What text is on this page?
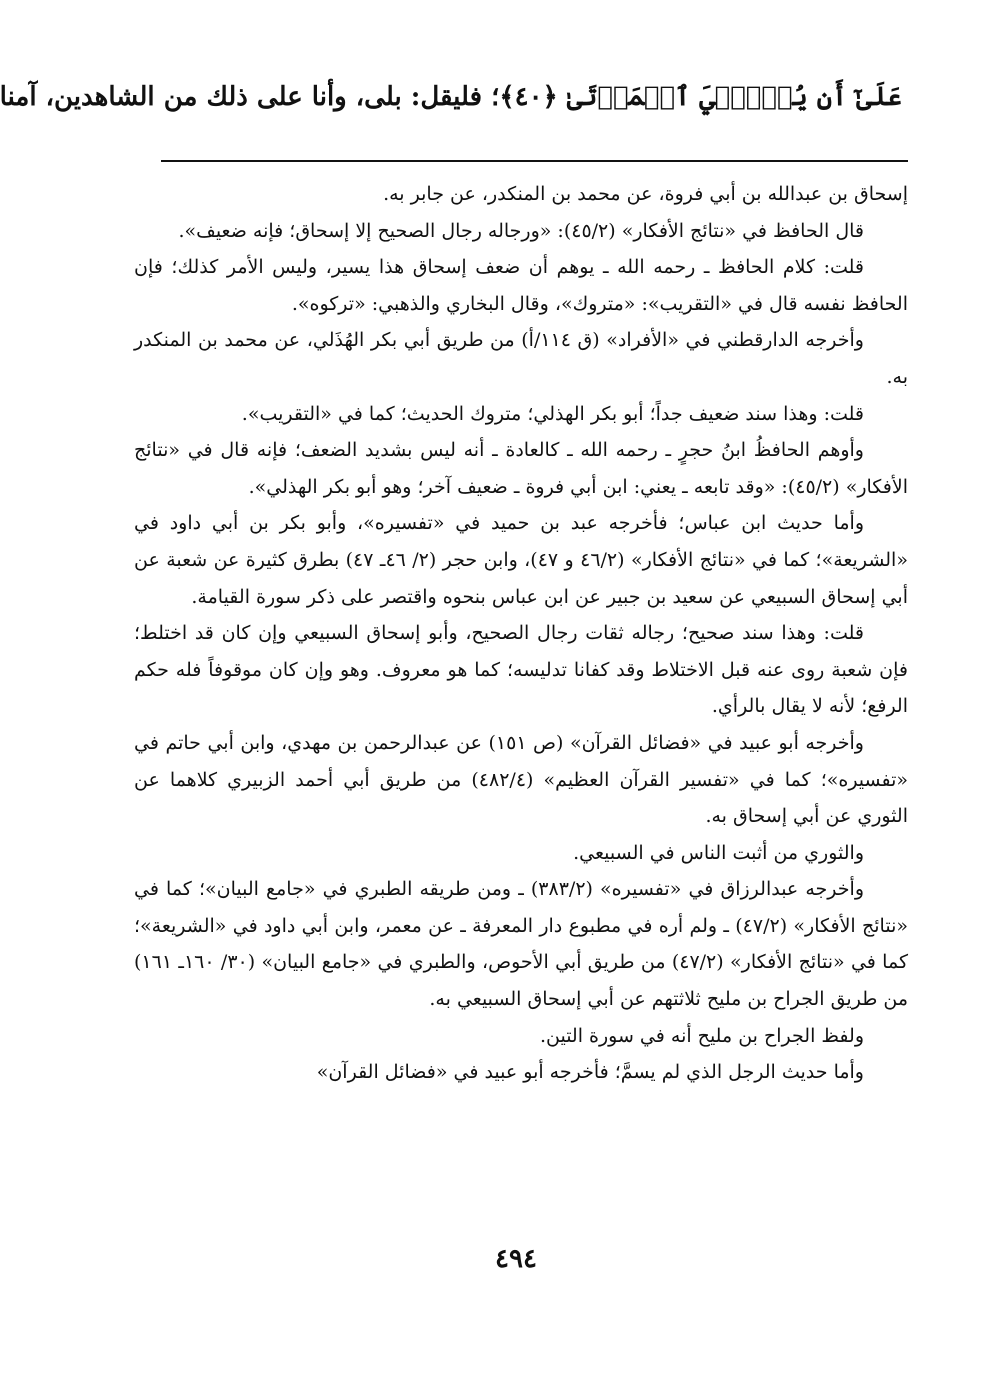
عَلَىٰٓ أَن يُحۡـِۧيَ ٱلۡمَوۡتَىٰ ﴿٤٠﴾؛ فليقل: بلى، وأنا على ذلك من الشاهدين، آمنا

إسحاق بن عبدالله بن أبي فروة، عن محمد بن المنكدر، عن جابر به.

قال الحافظ في «نتائج الأفكار» (٤٥/٢): «ورجاله رجال الصحيح إلا إسحاق؛ فإنه ضعيف».

قلت: كلام الحافظ ـ رحمه الله ـ يوهم أن ضعف إسحاق هذا يسير، وليس الأمر كذلك؛ فإن الحافظ نفسه قال في «التقريب»: «متروك»، وقال البخاري والذهبي: «تركوه».

وأخرجه الدارقطني في «الأفراد» (ق ١١٤/أ) من طريق أبي بكر الهُذَلي، عن محمد بن المنكدر به.

قلت: وهذا سند ضعيف جداً؛ أبو بكر الهذلي؛ متروك الحديث؛ كما في «التقريب».

وأوهم الحافظُ ابنُ حجرٍ ـ رحمه الله ـ كالعادة ـ أنه ليس بشديد الضعف؛ فإنه قال في «نتائج الأفكار» (٤٥/٢): «وقد تابعه ـ يعني: ابن أبي فروة ـ ضعيف آخر؛ وهو أبو بكر الهذلي».

وأما حديث ابن عباس؛ فأخرجه عبد بن حميد في «تفسيره»، وأبو بكر بن أبي داود في «الشريعة»؛ كما في «نتائج الأفكار» (٤٦/٢ و ٤٧)، وابن حجر (٢/ ٤٦ـ ٤٧) بطرق كثيرة عن شعبة عن أبي إسحاق السبيعي عن سعيد بن جبير عن ابن عباس بنحوه واقتصر على ذكر سورة القيامة.

قلت: وهذا سند صحيح؛ رجاله ثقات رجال الصحيح، وأبو إسحاق السبيعي وإن كان قد اختلط؛ فإن شعبة روى عنه قبل الاختلاط وقد كفانا تدليسه؛ كما هو معروف. وهو وإن كان موقوفاً فله حكم الرفع؛ لأنه لا يقال بالرأي.

وأخرجه أبو عبيد في «فضائل القرآن» (ص ١٥١) عن عبدالرحمن بن مهدي، وابن أبي حاتم في «تفسيره»؛ كما في «تفسير القرآن العظيم» (٤٨٢/٤) من طريق أبي أحمد الزبيري كلاهما عن الثوري عن أبي إسحاق به.

والثوري من أثبت الناس في السبيعي.

وأخرجه عبدالرزاق في «تفسيره» (٣٨٣/٢) ـ ومن طريقه الطبري في «جامع البيان»؛ كما في «نتائج الأفكار» (٤٧/٢) ـ ولم أره في مطبوع دار المعرفة ـ عن معمر، وابن أبي داود في «الشريعة»؛ كما في «نتائج الأفكار» (٤٧/٢) من طريق أبي الأحوص، والطبري في «جامع البيان» (٣٠/ ١٦٠ـ ١٦١) من طريق الجراح بن مليح ثلاثتهم عن أبي إسحاق السبيعي به.

ولفظ الجراح بن مليح أنه في سورة التين.

وأما حديث الرجل الذي لم يسمَّ؛ فأخرجه أبو عبيد في «فضائل القرآن»

٤٩٤
